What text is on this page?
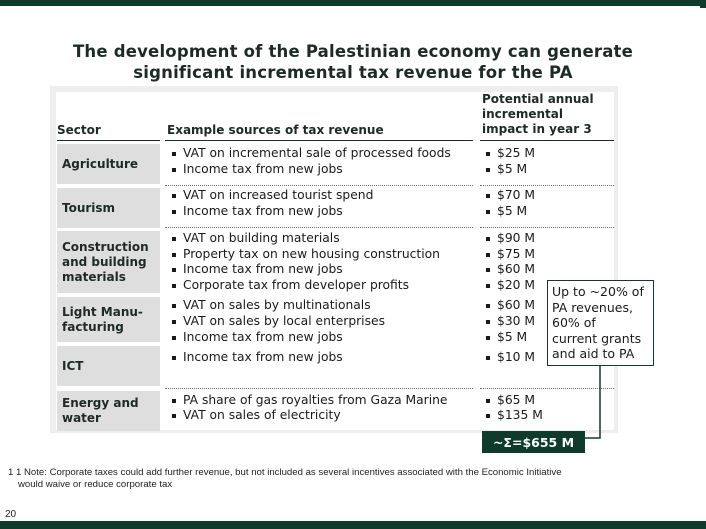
The development of the Palestinian economy can generate
significant incremental tax revenue for the PA
Sector	Example sources of tax revenue
Potential annual
incremental
impact in year 3
Agriculture
VAT on incremental sale of processed foods
Income tax from new jobs
$25 M
$5 M
Tourism
VAT on increased tourist spend
Income tax from new jobs
$70 M
$5 M
Construction
and building
materials
VAT on building materials
Property tax on new housing construction
Income tax from new jobs
Corporate tax from developer profits
$90 M
$75 M
$60 M
$20 M
Light Manu-
facturing
VAT on sales by multinationals
VAT on sales by local enterprises
Income tax from new jobs
$60 M
$30 M
$5 M
ICT
Income tax from new jobs	$10 M
Energy and
water
PA share of gas royalties from Gaza Marine
VAT on sales of electricity
$65 M
$135 M
Up to ~20% of
PA revenues,
60% of
current grants
and aid to PA
~Σ=$655 M
1 1 Note: Corporate taxes could add further revenue, but not included as several incentives associated with the Economic Initiative
would waive or reduce corporate tax
20
